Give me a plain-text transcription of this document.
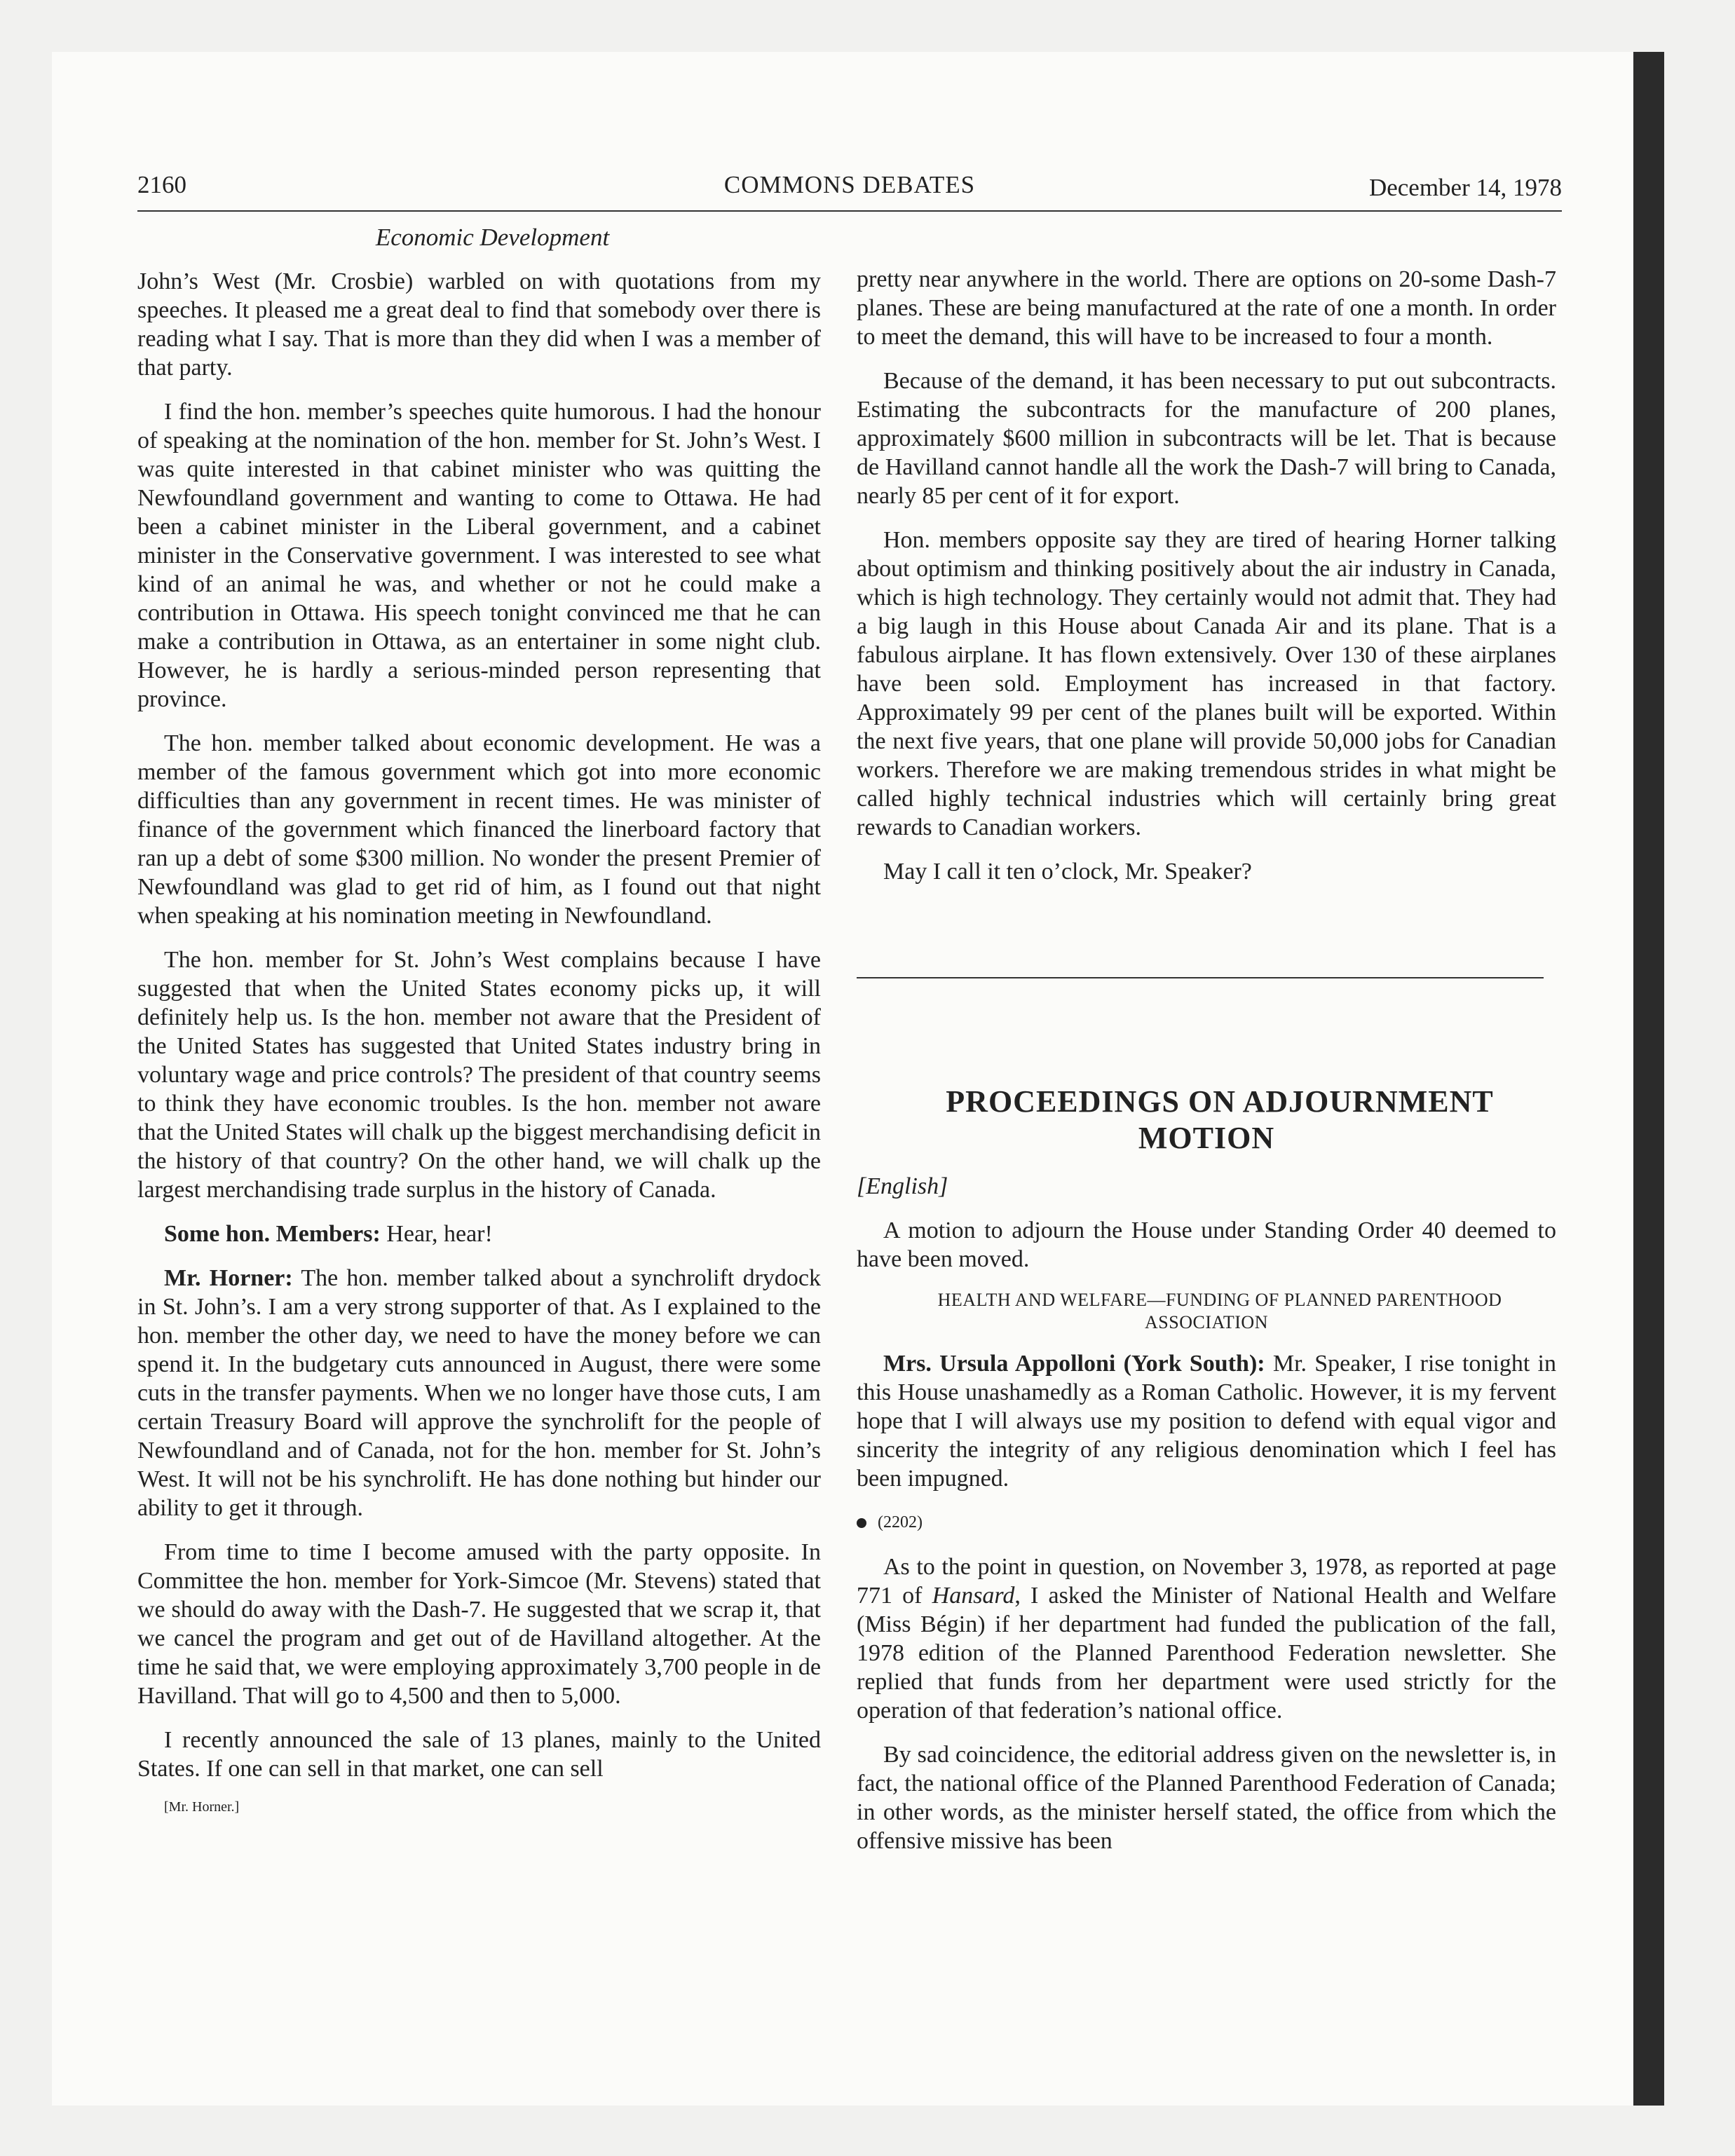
2160	COMMONS DEBATES	December 14, 1978

Economic Development

John’s West (Mr. Crosbie) warbled on with quotations from my speeches. It pleased me a great deal to find that somebody over there is reading what I say. That is more than they did when I was a member of that party.

I find the hon. member’s speeches quite humorous. I had the honour of speaking at the nomination of the hon. member for St. John’s West. I was quite interested in that cabinet minister who was quitting the Newfoundland government and wanting to come to Ottawa. He had been a cabinet minister in the Liberal government, and a cabinet minister in the Conservative government. I was interested to see what kind of an animal he was, and whether or not he could make a contribution in Ottawa. His speech tonight convinced me that he can make a contribution in Ottawa, as an entertainer in some night club. However, he is hardly a serious-minded person representing that province.

The hon. member talked about economic development. He was a member of the famous government which got into more economic difficulties than any government in recent times. He was minister of finance of the government which financed the linerboard factory that ran up a debt of some $300 million. No wonder the present Premier of Newfoundland was glad to get rid of him, as I found out that night when speaking at his nomination meeting in Newfoundland.

The hon. member for St. John’s West complains because I have suggested that when the United States economy picks up, it will definitely help us. Is the hon. member not aware that the President of the United States has suggested that United States industry bring in voluntary wage and price controls? The president of that country seems to think they have economic troubles. Is the hon. member not aware that the United States will chalk up the biggest merchandising deficit in the history of that country? On the other hand, we will chalk up the largest merchandising trade surplus in the history of Canada.

Some hon. Members: Hear, hear!

Mr. Horner: The hon. member talked about a synchrolift drydock in St. John’s. I am a very strong supporter of that. As I explained to the hon. member the other day, we need to have the money before we can spend it. In the budgetary cuts announced in August, there were some cuts in the transfer payments. When we no longer have those cuts, I am certain Treasury Board will approve the synchrolift for the people of Newfoundland and of Canada, not for the hon. member for St. John’s West. It will not be his synchrolift. He has done nothing but hinder our ability to get it through.

From time to time I become amused with the party opposite. In Committee the hon. member for York-Simcoe (Mr. Stevens) stated that we should do away with the Dash-7. He suggested that we scrap it, that we cancel the program and get out of de Havilland altogether. At the time he said that, we were employing approximately 3,700 people in de Havilland. That will go to 4,500 and then to 5,000.

I recently announced the sale of 13 planes, mainly to the United States. If one can sell in that market, one can sell

[Mr. Horner.]

pretty near anywhere in the world. There are options on 20-some Dash-7 planes. These are being manufactured at the rate of one a month. In order to meet the demand, this will have to be increased to four a month.

Because of the demand, it has been necessary to put out subcontracts. Estimating the subcontracts for the manufacture of 200 planes, approximately $600 million in subcontracts will be let. That is because de Havilland cannot handle all the work the Dash-7 will bring to Canada, nearly 85 per cent of it for export.

Hon. members opposite say they are tired of hearing Horner talking about optimism and thinking positively about the air industry in Canada, which is high technology. They certainly would not admit that. They had a big laugh in this House about Canada Air and its plane. That is a fabulous airplane. It has flown extensively. Over 130 of these airplanes have been sold. Employment has increased in that factory. Approximately 99 per cent of the planes built will be exported. Within the next five years, that one plane will provide 50,000 jobs for Canadian workers. Therefore we are making tremendous strides in what might be called highly technical industries which will certainly bring great rewards to Canadian workers.

May I call it ten o’clock, Mr. Speaker?

PROCEEDINGS ON ADJOURNMENT MOTION

[English]

A motion to adjourn the House under Standing Order 40 deemed to have been moved.

HEALTH AND WELFARE—FUNDING OF PLANNED PARENTHOOD ASSOCIATION

Mrs. Ursula Appolloni (York South): Mr. Speaker, I rise tonight in this House unashamedly as a Roman Catholic. However, it is my fervent hope that I will always use my position to defend with equal vigor and sincerity the integrity of any religious denomination which I feel has been impugned.

(2202)

As to the point in question, on November 3, 1978, as reported at page 771 of Hansard, I asked the Minister of National Health and Welfare (Miss Bégin) if her department had funded the publication of the fall, 1978 edition of the Planned Parenthood Federation newsletter. She replied that funds from her department were used strictly for the operation of that federation’s national office.

By sad coincidence, the editorial address given on the newsletter is, in fact, the national office of the Planned Parenthood Federation of Canada; in other words, as the minister herself stated, the office from which the offensive missive has been
